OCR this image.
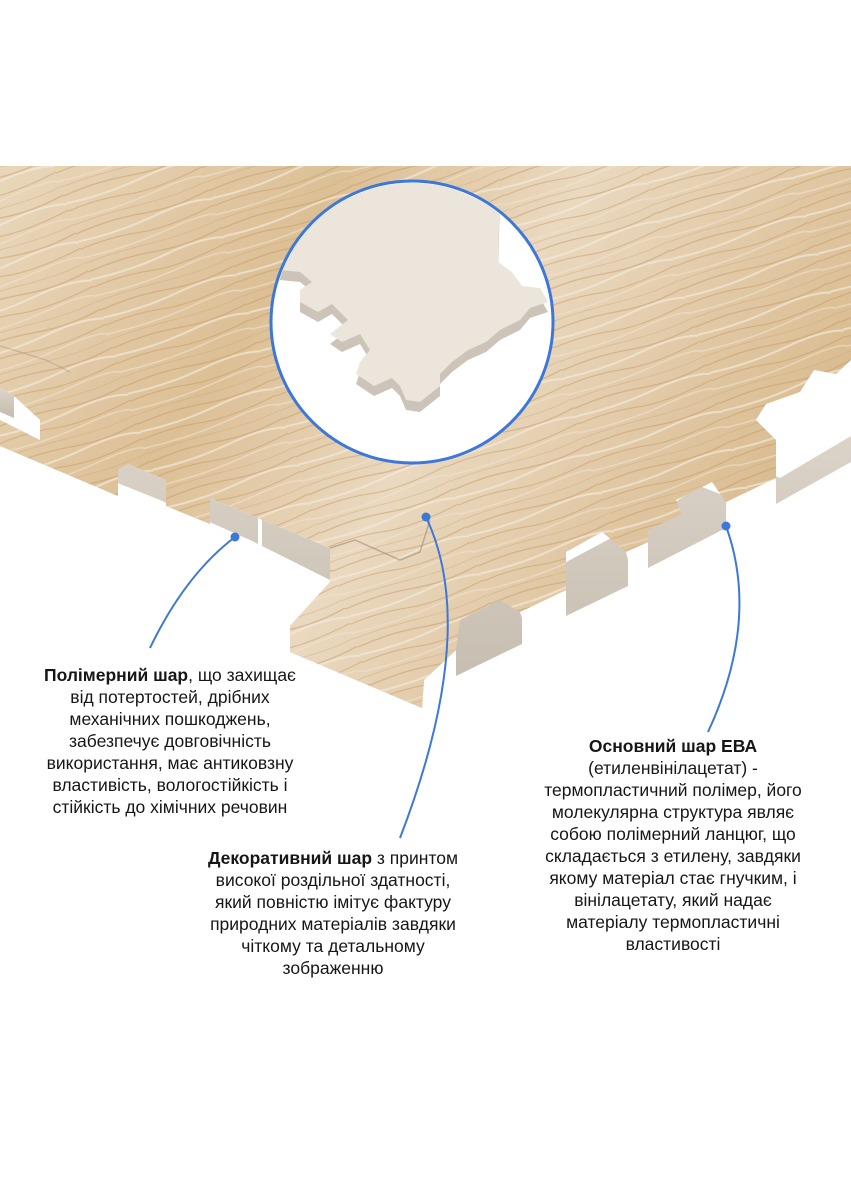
Полімерний шар, що захищає
від потертостей, дрібних
механічних пошкоджень,
забезпечує довговічність
використання, має антиковзну
властивість, вологостійкість і
стійкість до хімічних речовин
Декоративний шар з принтом
високої роздільної здатності,
який повністю імітує фактуру
природних матеріалів завдяки
чіткому та детальному
зображенню
Основний шар ЕВА
(етиленвінілацетат) -
термопластичний полімер, його
молекулярна структура являє
собою полімерний ланцюг, що
складається з етилену, завдяки
якому матеріал стає гнучким, і
вінілацетату, який надає
матеріалу термопластичні
властивості
